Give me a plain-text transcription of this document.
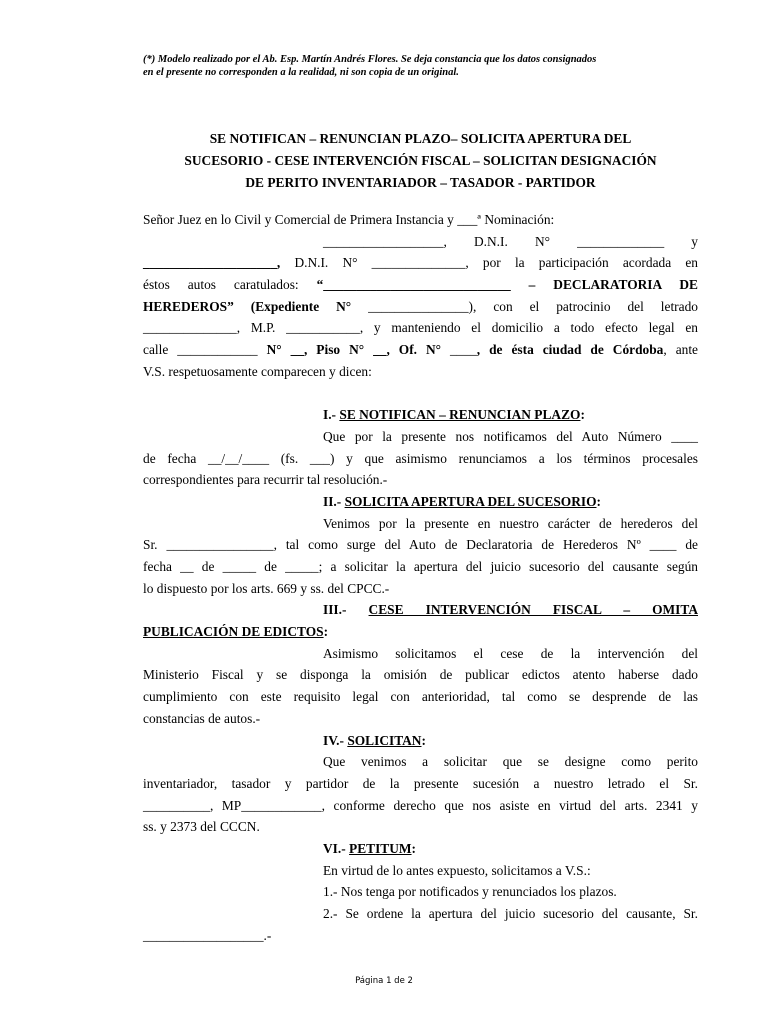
(*) Modelo realizado por el Ab. Esp. Martín Andrés Flores. Se deja constancia que los datos consignados
en el presente no corresponden a la realidad, ni son copia de un original.
SE NOTIFICAN – RENUNCIAN PLAZO– SOLICITA APERTURA DEL
SUCESORIO - CESE INTERVENCIÓN FISCAL – SOLICITAN DESIGNACIÓN
DE PERITO INVENTARIADOR – TASADOR - PARTIDOR
Señor Juez en lo Civil y Comercial de Primera Instancia y ___ª Nominación:
__________________, D.N.I. N° _____________ y
____________________, D.N.I. N° ______________, por la participación acordada en
éstos autos caratulados: “____________________________ – DECLARATORIA DE
HEREDEROS” (Expediente N° _______________), con el patrocinio del letrado
______________, M.P. ___________, y manteniendo el domicilio a todo efecto legal en
calle ____________ N° __, Piso N° __, Of. N° ____, de ésta ciudad de Córdoba, ante
V.S. respetuosamente comparecen y dicen:
I.- SE NOTIFICAN – RENUNCIAN PLAZO:
Que por la presente nos notificamos del Auto Número ____
de fecha __/__/____ (fs. ___) y que asimismo renunciamos a los términos procesales
correspondientes para recurrir tal resolución.-
II.- SOLICITA APERTURA DEL SUCESORIO:
Venimos por la presente en nuestro carácter de herederos del
Sr. ________________, tal como surge del Auto de Declaratoria de Herederos Nº ____ de
fecha __ de _____ de _____; a solicitar la apertura del juicio sucesorio del causante según
lo dispuesto por los arts. 669 y ss. del CPCC.-
III.- CESE INTERVENCIÓN FISCAL – OMITA
PUBLICACIÓN DE EDICTOS:
Asimismo solicitamos el cese de la intervención del
Ministerio Fiscal y se disponga la omisión de publicar edictos atento haberse dado
cumplimiento con este requisito legal con anterioridad, tal como se desprende de las
constancias de autos.-
IV.- SOLICITAN:
Que venimos a solicitar que se designe como perito
inventariador, tasador y partidor de la presente sucesión a nuestro letrado el Sr.
__________, MP____________, conforme derecho que nos asiste en virtud del arts. 2341 y
ss. y 2373 del CCCN.
VI.- PETITUM:
En virtud de lo antes expuesto, solicitamos a V.S.:
1.- Nos tenga por notificados y renunciados los plazos.
2.- Se ordene la apertura del juicio sucesorio del causante, Sr.
__________________.-
Página 1 de 2
